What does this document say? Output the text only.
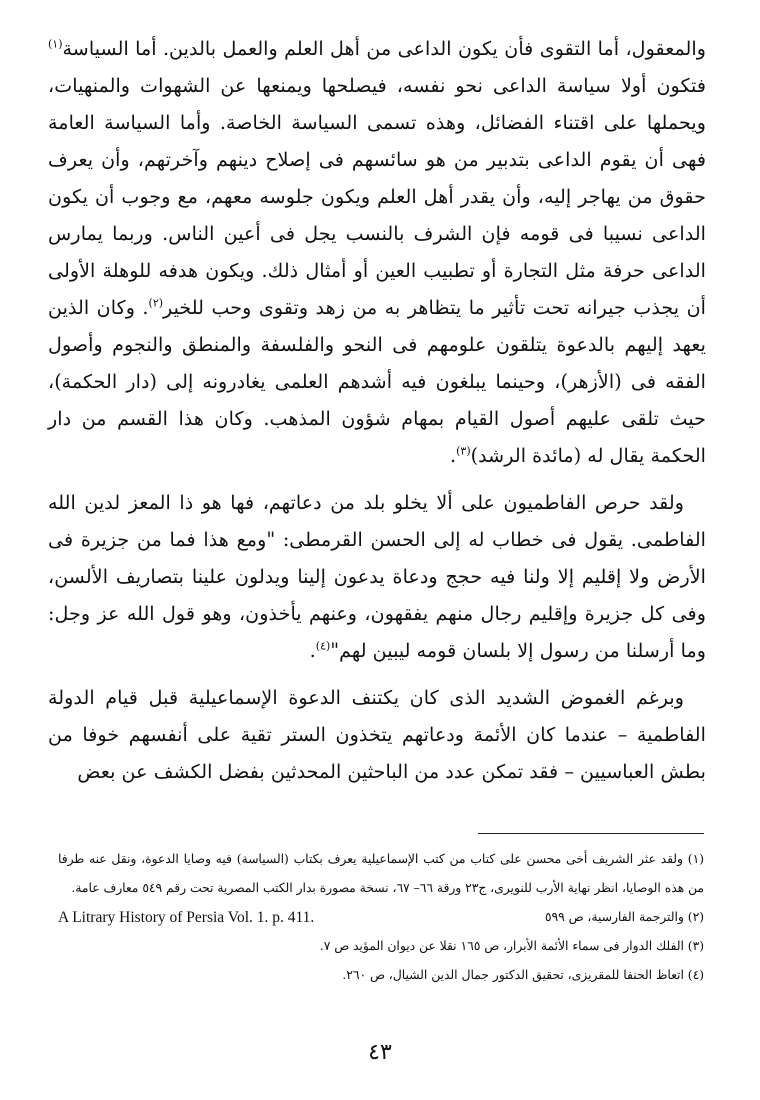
والمعقول، أما التقوى فأن يكون الداعى من أهل العلم والعمل بالدين. أما السياسة$^{(١)}$ فتكون أولا سياسة الداعى نحو نفسه، فيصلحها ويمنعها عن الشهوات والمنهيات، ويحملها على اقتناء الفضائل، وهذه تسمى السياسة الخاصة. وأما السياسة العامة فهى أن يقوم الداعى بتدبير من هو سائسهم فى إصلاح دينهم وآخرتهم، وأن يعرف حقوق من يهاجر إليه، وأن يقدر أهل العلم ويكون جلوسه معهم، مع وجوب أن يكون الداعى نسيبا فى قومه فإن الشرف بالنسب يجل فى أعين الناس. وربما يمارس الداعى حرفة مثل التجارة أو تطبيب العين أو أمثال ذلك. ويكون هدفه للوهلة الأولى أن يجذب جيرانه تحت تأثير ما يتظاهر به من زهد وتقوى وحب للخير$^{(٢)}$. وكان الذين يعهد إليهم بالدعوة يتلقون علومهم فى النحو والفلسفة والمنطق والنجوم وأصول الفقه فى (الأزهر)، وحينما يبلغون فيه أشدهم العلمى يغادرونه إلى (دار الحكمة)، حيث تلقى عليهم أصول القيام بمهام شؤون المذهب. وكان هذا القسم من دار الحكمة يقال له (مائدة الرشد)$^{(٣)}$.

ولقد حرص الفاطميون على ألا يخلو بلد من دعاتهم، فها هو ذا المعز لدين الله الفاطمى. يقول فى خطاب له إلى الحسن القرمطى: "ومع هذا فما من جزيرة فى الأرض ولا إقليم إلا ولنا فيه حجج ودعاة يدعون إلينا ويدلون علينا بتصاريف الألسن، وفى كل جزيرة وإقليم رجال منهم يفقهون، وعنهم يأخذون، وهو قول الله عز وجل: وما أرسلنا من رسول إلا بلسان قومه ليبين لهم"$^{(٤)}$.

وبرغم الغموض الشديد الذى كان يكتنف الدعوة الإسماعيلية قبل قيام الدولة الفاطمية – عندما كان الأئمة ودعاتهم يتخذون الستر تقية على أنفسهم خوفا من بطش العباسيين – فقد تمكن عدد من الباحثين المحدثين بفضل الكشف عن بعض

(١) ولقد عثر الشريف أخى محسن على كتاب من كتب الإسماعيلية يعرف بكتاب (السياسة) فيه وصايا الدعوة، ونقل عنه طرفا من هذه الوصايا، انظر نهاية الأرب للنويرى، ج٢٣ ورقة ٦٦– ٦٧، نسخة مصورة بدار الكتب المصرية تحت رقم ٥٤٩ معارف عامة.

(٢) والترجمة الفارسية، ص ٥٩٩
A Litrary History of Persia Vol. 1. p. 411.

(٣) الفلك الدوار فى سماء الأئمة الأبرار، ص ١٦٥ نقلا عن ديوان المؤيد ص ٧.

(٤) اتعاظ الحنفا للمقريزى، تحقيق الدكتور جمال الدين الشيال، ص ٢٦٠.

٤٣
